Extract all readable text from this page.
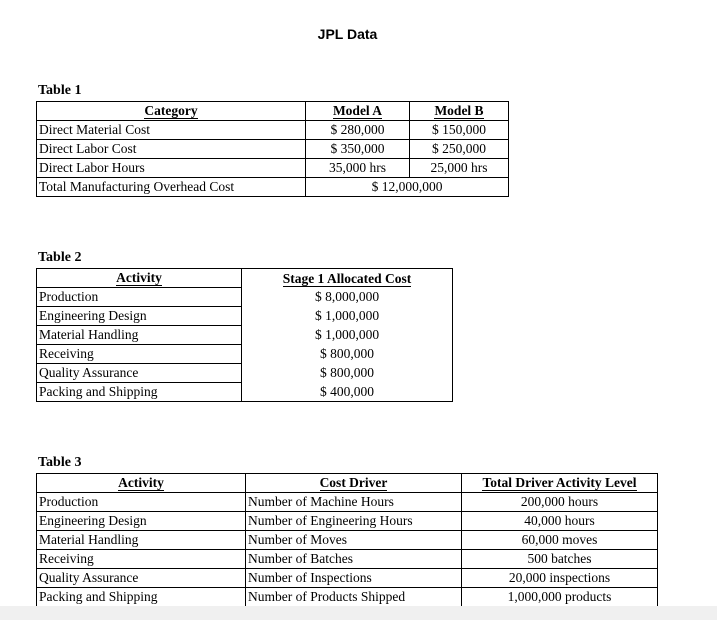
JPL Data
Table 1
Category	Model A	Model B
Direct Material Cost	$ 280,000	$ 150,000
Direct Labor Cost	$ 350,000	$ 250,000
Direct Labor Hours	35,000 hrs	25,000 hrs
Total Manufacturing Overhead Cost	$ 12,000,000	
Table 2
Activity	Stage 1 Allocated Cost
Production	$ 8,000,000
Engineering Design	$ 1,000,000
Material Handling	$ 1,000,000
Receiving	$ 800,000
Quality Assurance	$ 800,000
Packing and Shipping	$ 400,000
Table 3
Activity	Cost Driver	Total Driver Activity Level
Production	Number of Machine Hours	200,000 hours
Engineering Design	Number of Engineering Hours	40,000 hours
Material Handling	Number of Moves	60,000 moves
Receiving	Number of Batches	500 batches
Quality Assurance	Number of Inspections	20,000 inspections
Packing and Shipping	Number of Products Shipped	1,000,000 products
